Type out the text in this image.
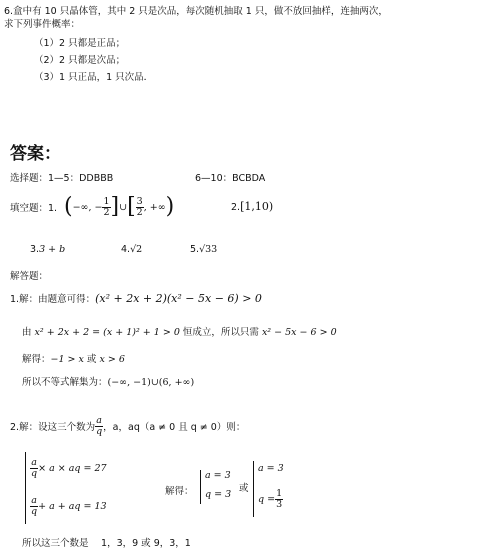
6.盒中有 10 只晶体管，其中 2 只是次品，每次随机抽取 1 只，做不放回抽样，连抽两次，
求下列事件概率：
（1）2 只都是正品；
（2）2 只都是次品；
（3）1 只正品，1 只次品．
答案：
选择题：1—5：DDBBB	6—10：BCBDA
填空题：1. ( −∞, − $\frac{1}{2}$ ] ∪ [ $\frac{3}{2}$ , +∞ )	2.[1,10)
3.3 + b	4.√2	5.√33
解答题：
1.解：由题意可得：(x² + 2x + 2)(x² − 5x − 6) > 0
由 x² + 2x + 2 = (x + 1)² + 1 > 0 恒成立，所以只需 x² − 5x − 6 > 0
解得：−1 > x 或 x > 6
所以不等式解集为：(−∞, −1)∪(6, +∞)
2.解：设这三个数为 $\frac{a}{q}$ ，a，aq（a ≠ 0 且 q ≠ 0）则：
$\frac{a}{q} \times a$ × aq = 27
$\frac{a}{q} + a$ + aq = 13
解得：
a = 3
q = 3
或
a = 3
$q = \frac{1}{3}$
所以这三个数是　 1，3，9 或 9，3，1
